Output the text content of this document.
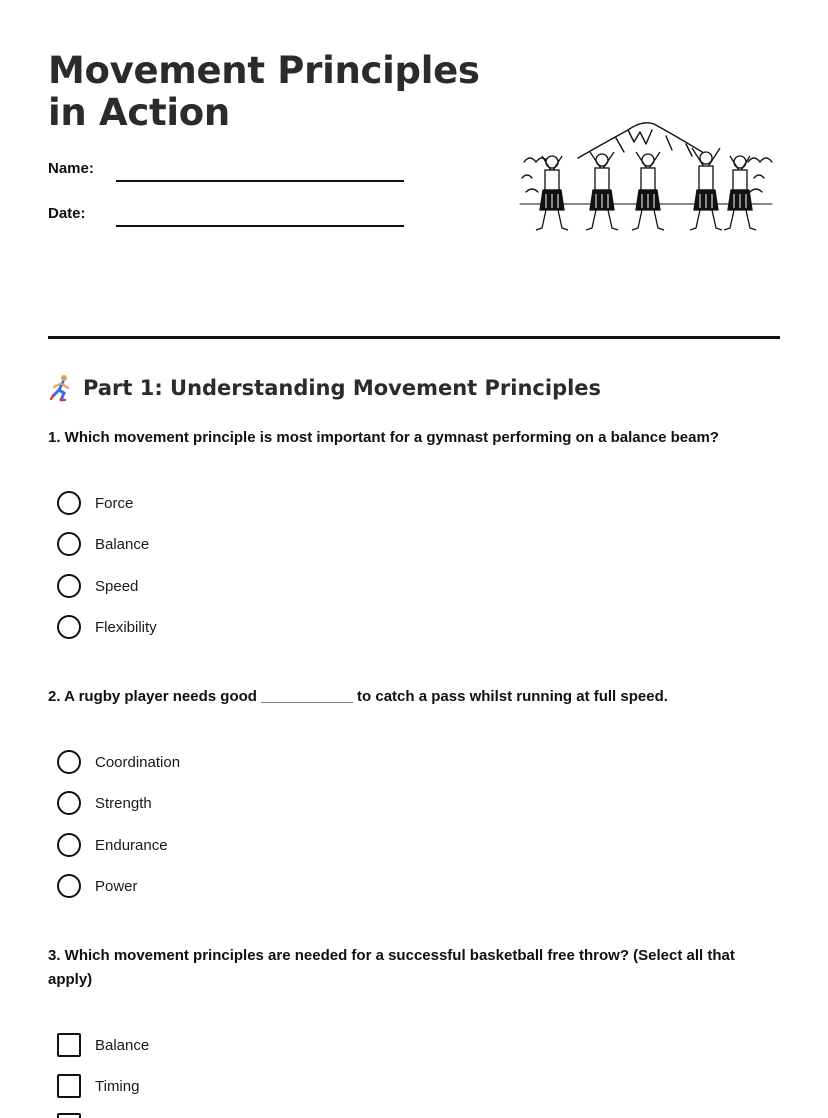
Movement Principles in Action
Name:
Date:
Part 1: Understanding Movement Principles
1. Which movement principle is most important for a gymnast performing on a balance beam?
Force
Balance
Speed
Flexibility
2. A rugby player needs good ___________ to catch a pass whilst running at full speed.
Coordination
Strength
Endurance
Power
3. Which movement principles are needed for a successful basketball free throw? (Select all that apply)
Balance
Timing
